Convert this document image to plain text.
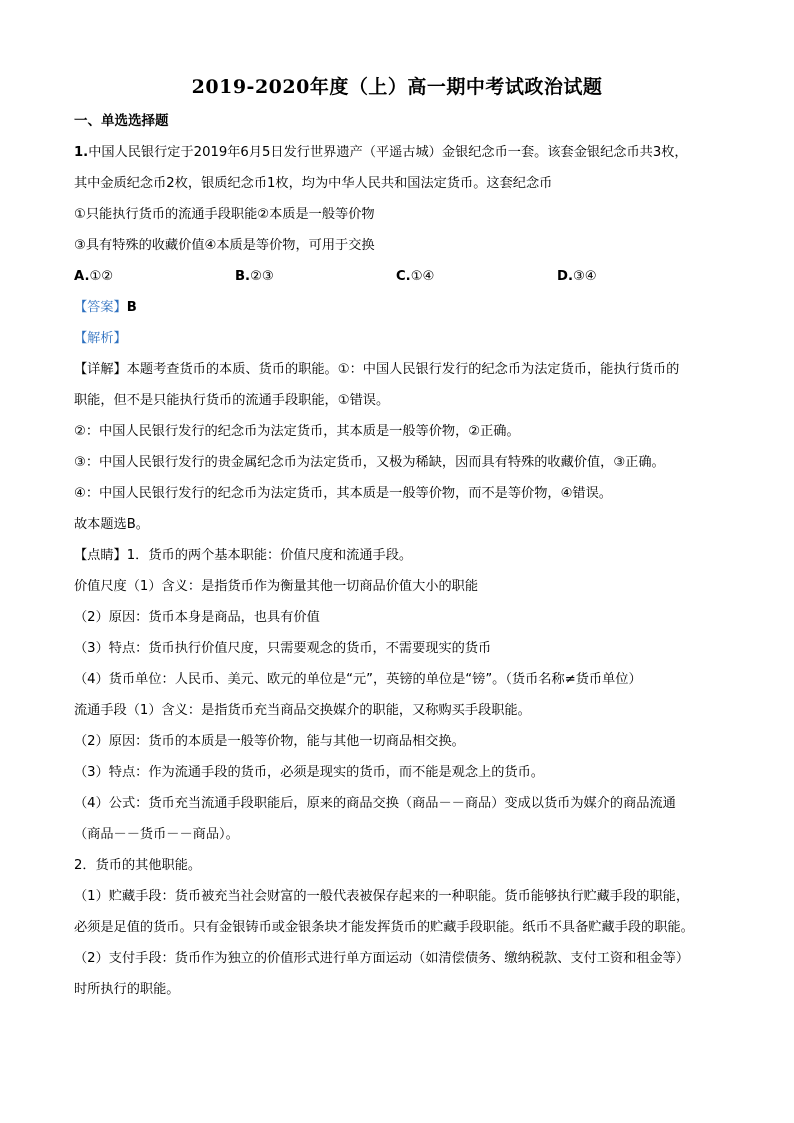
2019-2020年度（上）高一期中考试政治试题
一、单选选择题
1.中国人民银行定于2019年6月5日发行世界遗产（平遥古城）金银纪念币一套。该套金银纪念币共3枚，
其中金质纪念币2枚，银质纪念币1枚，均为中华人民共和国法定货币。这套纪念币
①只能执行货币的流通手段职能②本质是一般等价物
③具有特殊的收藏价值④本质是等价物，可用于交换
A.①②	B.②③	C.①④	D.③④
【答案】B
【解析】
【详解】本题考查货币的本质、货币的职能。①：中国人民银行发行的纪念币为法定货币，能执行货币的
职能，但不是只能执行货币的流通手段职能，①错误。
②：中国人民银行发行的纪念币为法定货币，其本质是一般等价物，②正确。
③：中国人民银行发行的贵金属纪念币为法定货币，又极为稀缺，因而具有特殊的收藏价值，③正确。
④：中国人民银行发行的纪念币为法定货币，其本质是一般等价物，而不是等价物，④错误。
故本题选B。
【点睛】1．货币的两个基本职能：价值尺度和流通手段。
价值尺度（1）含义：是指货币作为衡量其他一切商品价值大小的职能
（2）原因：货币本身是商品，也具有价值
（3）特点：货币执行价值尺度，只需要观念的货币，不需要现实的货币
（4）货币单位：人民币、美元、欧元的单位是“元”，英镑的单位是“镑”。（货币名称≠货币单位）
流通手段（1）含义：是指货币充当商品交换媒介的职能，又称购买手段职能。
（2）原因：货币的本质是一般等价物，能与其他一切商品相交换。
（3）特点：作为流通手段的货币，必须是现实的货币，而不能是观念上的货币。
（4）公式：货币充当流通手段职能后，原来的商品交换（商品－－商品）变成以货币为媒介的商品流通
（商品－－货币－－商品）。
2．货币的其他职能。
（1）贮藏手段：货币被充当社会财富的一般代表被保存起来的一种职能。货币能够执行贮藏手段的职能，
必须是足值的货币。只有金银铸币或金银条块才能发挥货币的贮藏手段职能。纸币不具备贮藏手段的职能。
（2）支付手段：货币作为独立的价值形式进行单方面运动（如清偿债务、缴纳税款、支付工资和租金等）
时所执行的职能。
